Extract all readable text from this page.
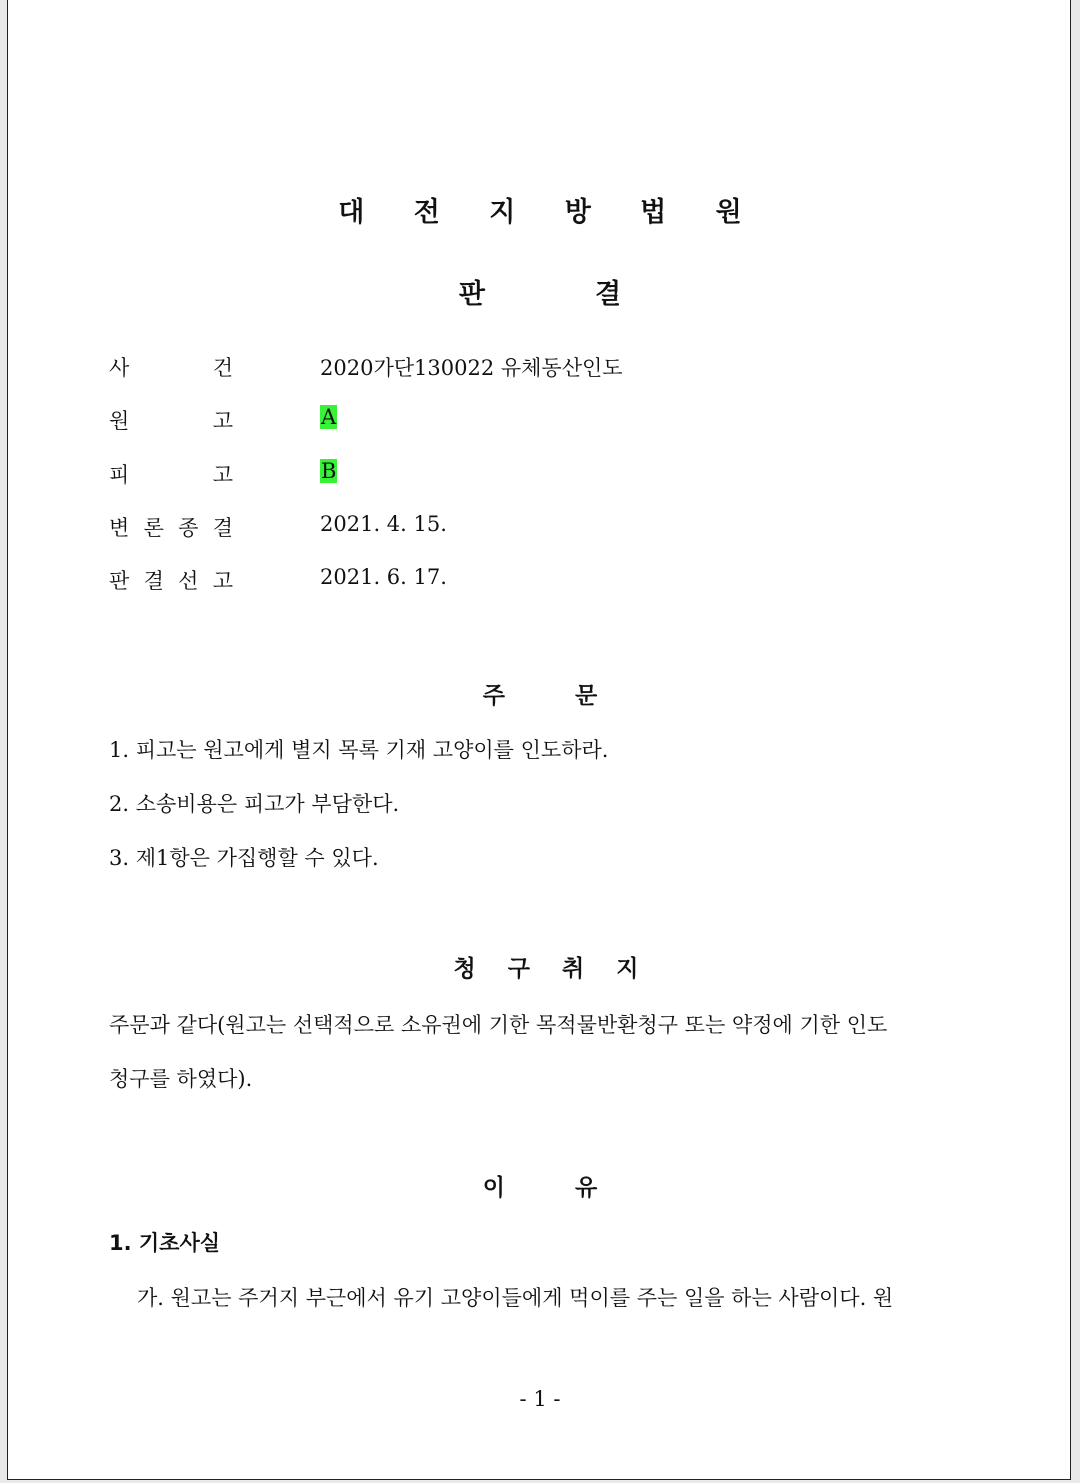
대 전 지 방 법 원
판	결
사	건	2020가단130022 유체동산인도
원	고	A
피	고	B
변 론 종 결	2021. 4. 15.
판 결 선 고	2021. 6. 17.
주	문
1. 피고는 원고에게 별지 목록 기재 고양이를 인도하라.
2. 소송비용은 피고가 부담한다.
3. 제1항은 가집행할 수 있다.
청 구 취 지
주문과 같다(원고는 선택적으로 소유권에 기한 목적물반환청구 또는 약정에 기한 인도
청구를 하였다).
이	유
1. 기초사실
가. 원고는 주거지 부근에서 유기 고양이들에게 먹이를 주는 일을 하는 사람이다. 원
- 1 -
